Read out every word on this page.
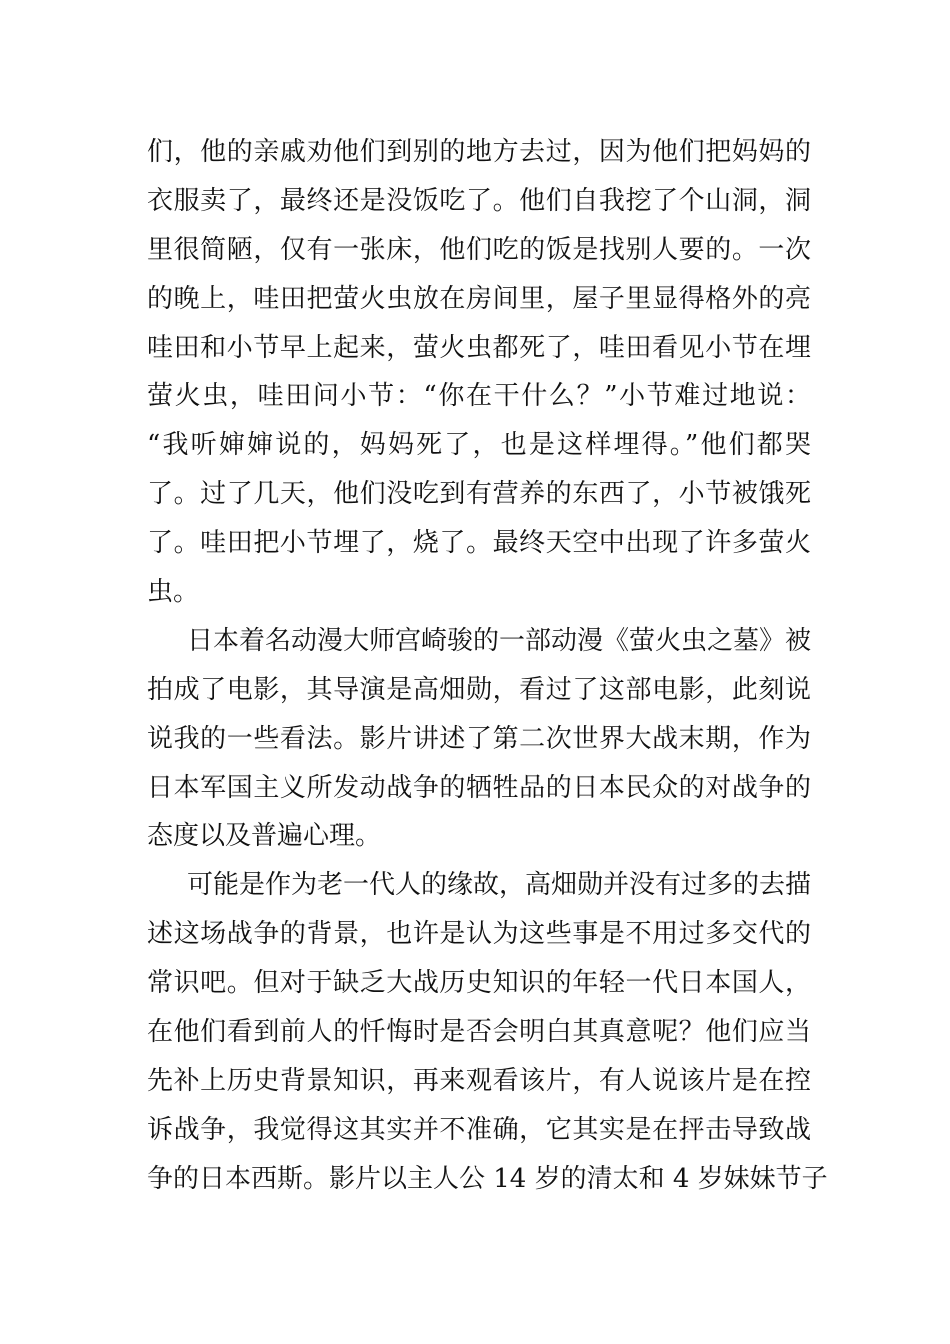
们，他的亲戚劝他们到别的地方去过，因为他们把妈妈的
衣服卖了，最终还是没饭吃了。他们自我挖了个山洞，洞
里很简陋，仅有一张床，他们吃的饭是找别人要的。一次
的晚上，哇田把萤火虫放在房间里，屋子里显得格外的亮
哇田和小节早上起来，萤火虫都死了，哇田看见小节在埋
萤火虫，哇田问小节：“你在干什么？”小节难过地说：
“我听婶婶说的，妈妈死了，也是这样埋得。”他们都哭
了。过了几天，他们没吃到有营养的东西了，小节被饿死
了。哇田把小节埋了，烧了。最终天空中出现了许多萤火
虫。
日本着名动漫大师宫崎骏的一部动漫《萤火虫之墓》被
拍成了电影，其导演是高畑勋，看过了这部电影，此刻说
说我的一些看法。影片讲述了第二次世界大战末期，作为
日本军国主义所发动战争的牺牲品的日本民众的对战争的
态度以及普遍心理。
可能是作为老一代人的缘故，高畑勋并没有过多的去描
述这场战争的背景，也许是认为这些事是不用过多交代的
常识吧。但对于缺乏大战历史知识的年轻一代日本国人，
在他们看到前人的忏悔时是否会明白其真意呢？他们应当
先补上历史背景知识，再来观看该片，有人说该片是在控
诉战争，我觉得这其实并不准确，它其实是在抨击导致战
争的日本西斯。影片以主人公 14 岁的清太和 4 岁妹妹节子
